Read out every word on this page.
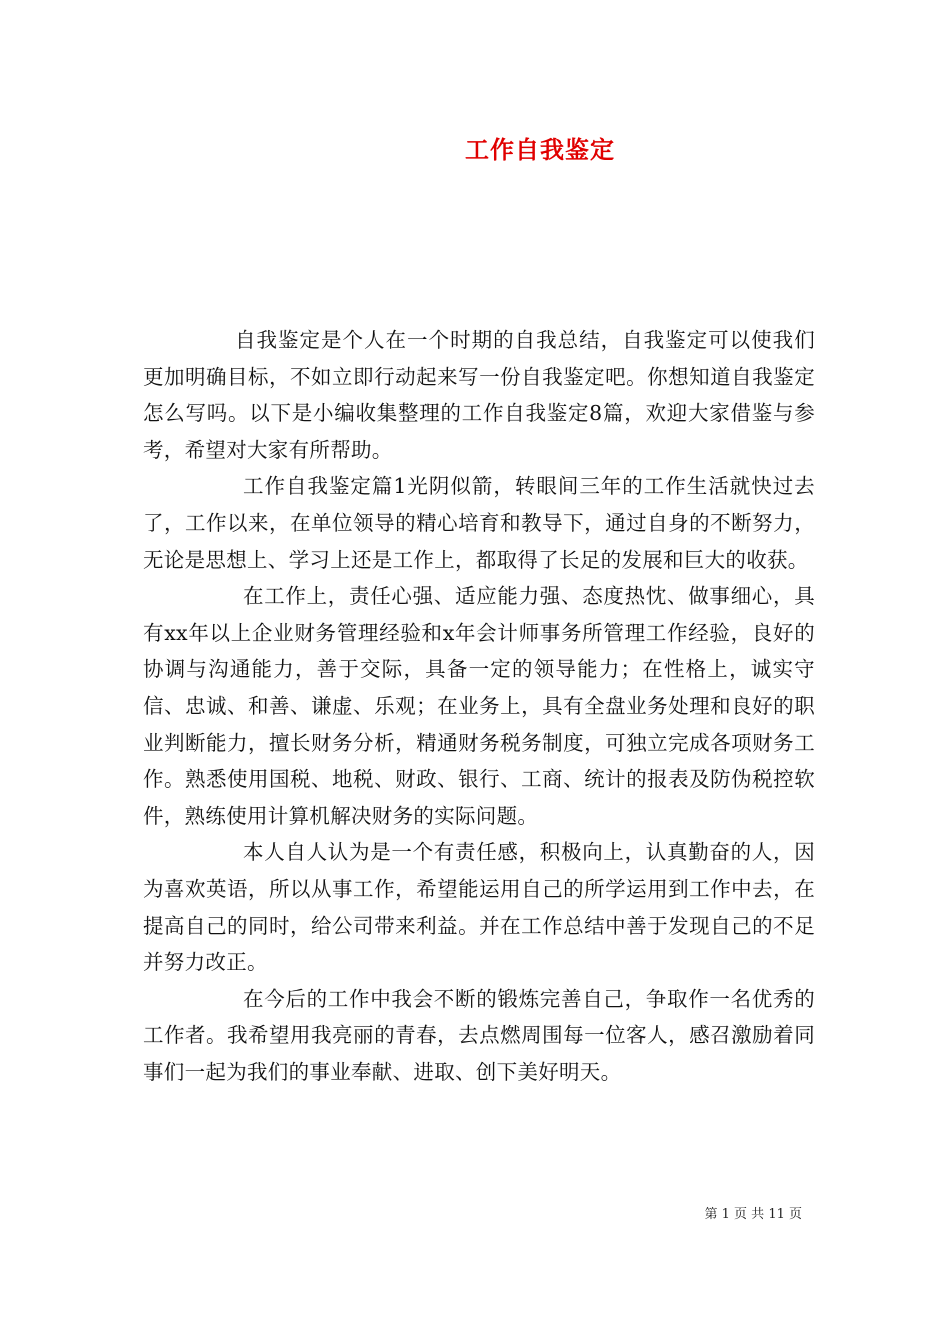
工作自我鉴定

自我鉴定是个人在一个时期的自我总结，自我鉴定可以使我们更加明确目标，不如立即行动起来写一份自我鉴定吧。你想知道自我鉴定怎么写吗。以下是小编收集整理的工作自我鉴定8篇，欢迎大家借鉴与参考，希望对大家有所帮助。

工作自我鉴定篇1光阴似箭，转眼间三年的工作生活就快过去了，工作以来，在单位领导的精心培育和教导下，通过自身的不断努力，无论是思想上、学习上还是工作上，都取得了长足的发展和巨大的收获。

在工作上，责任心强、适应能力强、态度热忱、做事细心，具有xx年以上企业财务管理经验和x年会计师事务所管理工作经验，良好的协调与沟通能力，善于交际，具备一定的领导能力；在性格上，诚实守信、忠诚、和善、谦虚、乐观；在业务上，具有全盘业务处理和良好的职业判断能力，擅长财务分析，精通财务税务制度，可独立完成各项财务工作。熟悉使用国税、地税、财政、银行、工商、统计的报表及防伪税控软件，熟练使用计算机解决财务的实际问题。

本人自人认为是一个有责任感，积极向上，认真勤奋的人，因为喜欢英语，所以从事工作，希望能运用自己的所学运用到工作中去，在提高自己的同时，给公司带来利益。并在工作总结中善于发现自己的不足并努力改正。

在今后的工作中我会不断的锻炼完善自己，争取作一名优秀的工作者。我希望用我亮丽的青春，去点燃周围每一位客人，感召激励着同事们一起为我们的事业奉献、进取、创下美好明天。

第 1 页 共 11 页
